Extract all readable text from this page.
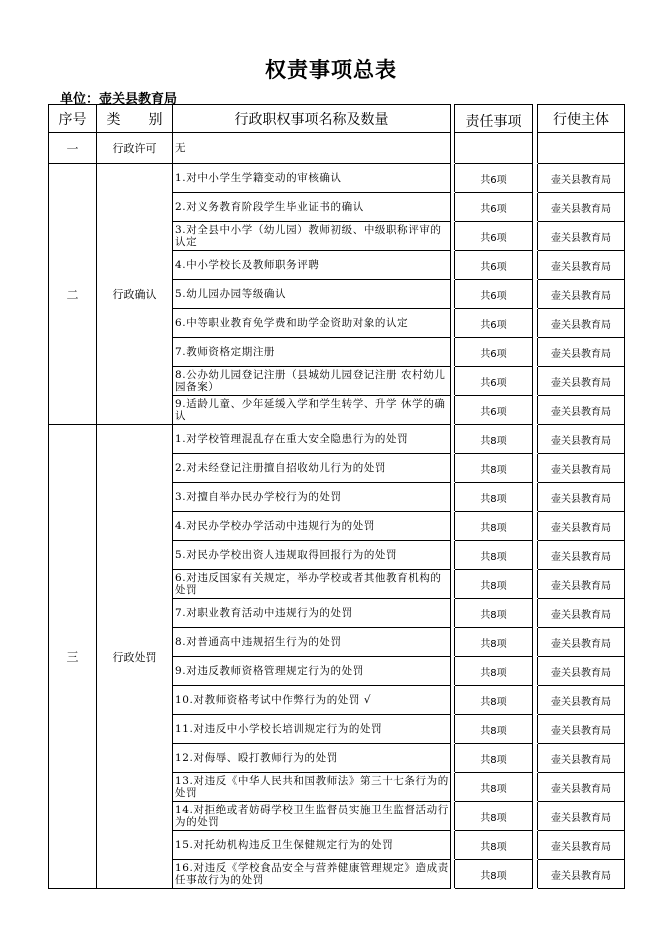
权责事项总表
单位：壶关县教育局
序号	类　　别	行政职权事项名称及数量		责任事项		行使主体
一	行政许可	无				
二	行政确认	1.对中小学生学籍变动的审核确认		共6项		壶关县教育局
		2.对义务教育阶段学生毕业证书的确认		共6项		壶关县教育局
		3.对全县中小学（幼儿园）教师初级、中级职称评审的认定		共6项		壶关县教育局
		4.中小学校长及教师职务评聘		共6项		壶关县教育局
		5.幼儿园办园等级确认		共6项		壶关县教育局
		6.中等职业教育免学费和助学金资助对象的认定		共6项		壶关县教育局
		7.教师资格定期注册		共6项		壶关县教育局
		8.公办幼儿园登记注册（县城幼儿园登记注册 农村幼儿园备案）		共6项		壶关县教育局
		9.适龄儿童、少年延缓入学和学生转学、升学 休学的确认		共6项		壶关县教育局
三	行政处罚	1.对学校管理混乱存在重大安全隐患行为的处罚		共8项		壶关县教育局
		2.对未经登记注册擅自招收幼儿行为的处罚		共8项		壶关县教育局
		3.对擅自举办民办学校行为的处罚		共8项		壶关县教育局
		4.对民办学校办学活动中违规行为的处罚		共8项		壶关县教育局
		5.对民办学校出资人违规取得回报行为的处罚		共8项		壶关县教育局
		6.对违反国家有关规定，举办学校或者其他教育机构的处罚		共8项		壶关县教育局
		7.对职业教育活动中违规行为的处罚		共8项		壶关县教育局
		8.对普通高中违规招生行为的处罚		共8项		壶关县教育局
		9.对违反教师资格管理规定行为的处罚		共8项		壶关县教育局
		10.对教师资格考试中作弊行为的处罚 √		共8项		壶关县教育局
		11.对违反中小学校长培训规定行为的处罚		共8项		壶关县教育局
		12.对侮辱、殴打教师行为的处罚		共8项		壶关县教育局
		13.对违反《中华人民共和国教师法》第三十七条行为的处罚		共8项		壶关县教育局
		14.对拒绝或者妨碍学校卫生监督员实施卫生监督活动行为的处罚		共8项		壶关县教育局
		15.对托幼机构违反卫生保健规定行为的处罚		共8项		壶关县教育局
		16.对违反《学校食品安全与营养健康管理规定》造成责任事故行为的处罚		共8项		壶关县教育局
